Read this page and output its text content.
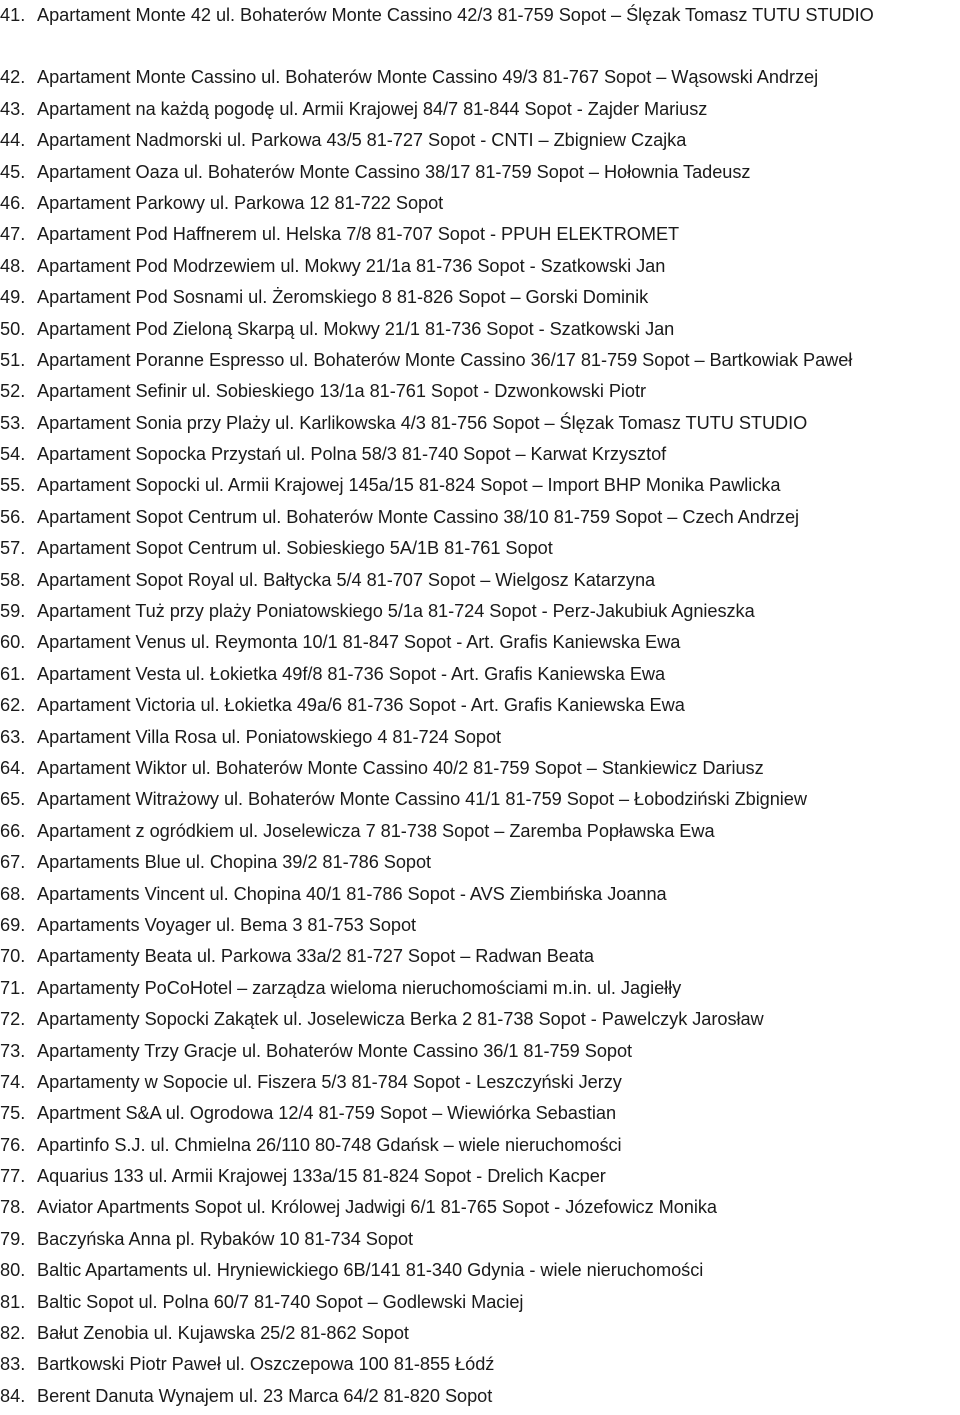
41. Apartament Monte 42 ul. Bohaterów Monte Cassino 42/3 81-759 Sopot – Ślęzak Tomasz TUTU STUDIO
42. Apartament Monte Cassino ul. Bohaterów Monte Cassino 49/3 81-767 Sopot – Wąsowski Andrzej
43. Apartament na każdą pogodę ul. Armii Krajowej 84/7 81-844 Sopot - Zajder Mariusz
44. Apartament Nadmorski ul. Parkowa 43/5 81-727 Sopot - CNTI – Zbigniew Czajka
45. Apartament Oaza ul. Bohaterów Monte Cassino 38/17 81-759 Sopot – Hołownia Tadeusz
46. Apartament Parkowy ul. Parkowa 12 81-722 Sopot
47. Apartament Pod Haffnerem ul. Helska 7/8 81-707 Sopot - PPUH ELEKTROMET
48. Apartament Pod Modrzewiem ul. Mokwy 21/1a 81-736 Sopot - Szatkowski Jan
49. Apartament Pod Sosnami ul. Żeromskiego 8 81-826 Sopot – Gorski Dominik
50. Apartament Pod Zieloną Skarpą ul. Mokwy 21/1 81-736 Sopot - Szatkowski Jan
51. Apartament Poranne Espresso ul. Bohaterów Monte Cassino 36/17 81-759 Sopot – Bartkowiak Paweł
52. Apartament Sefinir ul. Sobieskiego 13/1a 81-761 Sopot - Dzwonkowski Piotr
53. Apartament Sonia przy Plaży ul. Karlikowska 4/3 81-756 Sopot – Ślęzak Tomasz TUTU STUDIO
54. Apartament Sopocka Przystań ul. Polna 58/3 81-740 Sopot – Karwat Krzysztof
55. Apartament Sopocki ul. Armii Krajowej 145a/15 81-824 Sopot – Import BHP Monika Pawlicka
56. Apartament Sopot Centrum ul. Bohaterów Monte Cassino 38/10 81-759 Sopot – Czech Andrzej
57. Apartament Sopot Centrum ul. Sobieskiego 5A/1B 81-761 Sopot
58. Apartament Sopot Royal ul. Bałtycka 5/4 81-707 Sopot – Wielgosz Katarzyna
59. Apartament Tuż przy plaży Poniatowskiego 5/1a 81-724 Sopot - Perz-Jakubiuk Agnieszka
60. Apartament Venus ul. Reymonta 10/1 81-847 Sopot - Art. Grafis Kaniewska Ewa
61. Apartament Vesta ul. Łokietka 49f/8 81-736 Sopot - Art. Grafis Kaniewska Ewa
62. Apartament Victoria ul. Łokietka 49a/6 81-736 Sopot - Art. Grafis Kaniewska Ewa
63. Apartament Villa Rosa ul. Poniatowskiego 4 81-724 Sopot
64. Apartament Wiktor ul. Bohaterów Monte Cassino 40/2 81-759 Sopot – Stankiewicz Dariusz
65. Apartament Witrażowy ul. Bohaterów Monte Cassino 41/1 81-759 Sopot – Łobodziński Zbigniew
66. Apartament z ogródkiem ul. Joselewicza 7 81-738 Sopot – Zaremba Popławska Ewa
67. Apartaments Blue ul. Chopina 39/2 81-786 Sopot
68. Apartaments Vincent ul. Chopina 40/1 81-786 Sopot - AVS Ziembińska Joanna
69. Apartaments Voyager ul. Bema 3 81-753 Sopot
70. Apartamenty Beata ul. Parkowa 33a/2 81-727 Sopot – Radwan Beata
71. Apartamenty PoCoHotel – zarządza wieloma nieruchomościami m.in. ul. Jagiełły
72. Apartamenty Sopocki Zakątek ul. Joselewicza Berka 2 81-738 Sopot - Pawelczyk Jarosław
73. Apartamenty Trzy Gracje ul. Bohaterów Monte Cassino 36/1 81-759 Sopot
74. Apartamenty w Sopocie ul. Fiszera 5/3 81-784 Sopot - Leszczyński Jerzy
75. Apartment S&A ul. Ogrodowa 12/4 81-759 Sopot – Wiewiórka Sebastian
76. Apartinfo S.J. ul. Chmielna 26/110 80-748 Gdańsk – wiele nieruchomości
77. Aquarius 133 ul. Armii Krajowej 133a/15 81-824 Sopot - Drelich Kacper
78. Aviator Apartments Sopot ul. Królowej Jadwigi 6/1 81-765 Sopot - Józefowicz Monika
79. Baczyńska Anna pl. Rybaków 10 81-734 Sopot
80. Baltic Apartaments ul. Hryniewickiego 6B/141 81-340 Gdynia - wiele nieruchomości
81. Baltic Sopot ul. Polna 60/7 81-740 Sopot – Godlewski Maciej
82. Bałut Zenobia ul. Kujawska 25/2 81-862 Sopot
83. Bartkowski Piotr Paweł ul. Oszczepowa 100 81-855 Łódź
84. Berent Danuta Wynajem ul. 23 Marca 64/2 81-820 Sopot
